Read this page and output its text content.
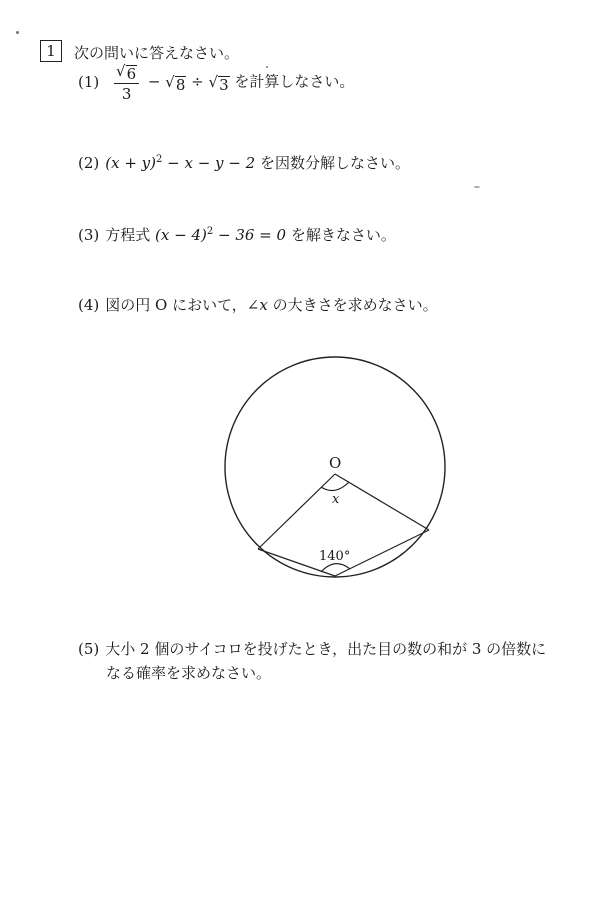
1	次の問いに答えなさい。
$(1) \frac{√ 6}{3}$ − √ 8 ÷ √ 3 を計算しなさい。
(2) $(x + y)^2 - x - y - 2$ を因数分解しなさい。
(3) 方程式 $(x - 4)^2 - 36 = 0$ を解きなさい。
(4) 図の円 O において，∠x の大きさを求めなさい。
O
x
140°
(5) 大小 2 個のサイコロを投げたとき，出た目の数の和が 3 の倍数に
なる確率を求めなさい。
